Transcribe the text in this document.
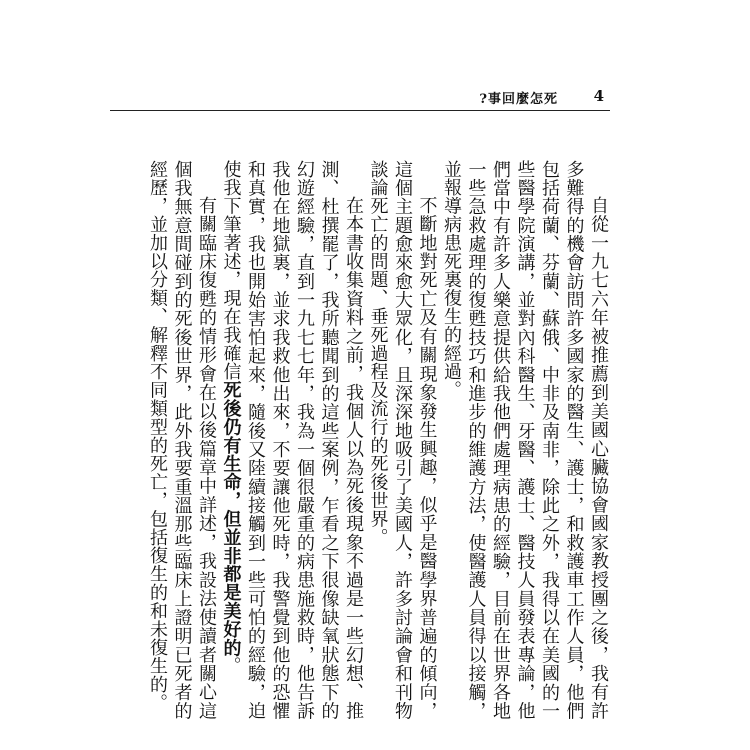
?事回麼怎死 4

自從一九七六年被推薦到美國心臟協會國家教授團之後，我有許多難得的機會訪問許多國家的醫生、護士，和救護車工作人員，他們包括荷蘭、芬蘭、蘇俄、中非及南非，除此之外，我得以在美國的一些醫學院演講，並對內科醫生、牙醫、護士、醫技人員發表專論，他們當中有許多人樂意提供給我他們處理病患的經驗，目前在世界各地一些急救處理的復甦技巧和進步的維護方法，使醫護人員得以接觸，並報導病患死裏復生的經過。

不斷地對死亡及有關現象發生興趣，似乎是醫學界普遍的傾向，這個主題愈來愈大眾化，且深深地吸引了美國人，許多討論會和刊物談論死亡的問題、垂死過程及流行的死後世界。

在本書收集資料之前，我個人以為死後現象不過是一些幻想、推測、杜撰罷了，我所聽聞到的這些案例，乍看之下很像缺氧狀態下的幻遊經驗，直到一九七七年，我為一個很嚴重的病患施救時，他告訴我他在地獄裏，並求我救他出來，不要讓他死時，我警覺到他的恐懼和真實，我也開始害怕起來，隨後又陸續接觸到一些可怕的經驗，迫使我下筆著述，現在我確信死後仍有生命，但並非都是美好的。

有關臨床復甦的情形會在以後篇章中詳述，我設法使讀者關心這個我無意間碰到的死後世界，此外我要重溫那些臨床上證明已死者的經歷，並加以分類、解釋不同類型的死亡，包括復生的和未復生的。
